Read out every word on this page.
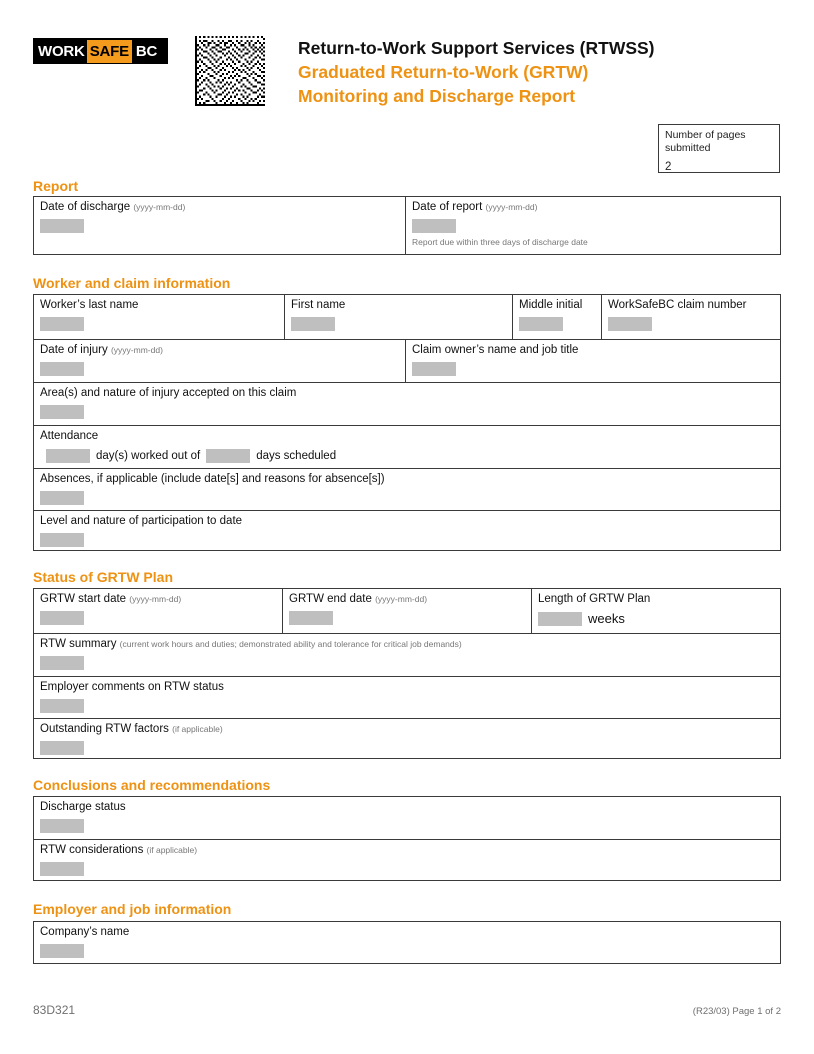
WORK SAFE BC	Return-to-Work Support Services (RTWSS)
Graduated Return-to-Work (GRTW)
Monitoring and Discharge Report
Number of pages
submitted
2
Report
Date of discharge (yyyy-mm-dd)	Date of report (yyyy-mm-dd)
Report due within three days of discharge date
Worker and claim information
Worker’s last name	First name	Middle initial	WorkSafeBC claim number
Date of injury (yyyy-mm-dd)	Claim owner’s name and job title
Area(s) and nature of injury accepted on this claim
Attendance
day(s) worked out of	days scheduled
Absences, if applicable (include date[s] and reasons for absence[s])
Level and nature of participation to date
Status of GRTW Plan
GRTW start date (yyyy-mm-dd)	GRTW end date (yyyy-mm-dd)	Length of GRTW Plan
weeks
RTW summary (current work hours and duties; demonstrated ability and tolerance for critical job demands)
Employer comments on RTW status
Outstanding RTW factors (if applicable)
Conclusions and recommendations
Discharge status
RTW considerations (if applicable)
Employer and job information
Company’s name
83D321	(R23/03) Page 1 of 2
